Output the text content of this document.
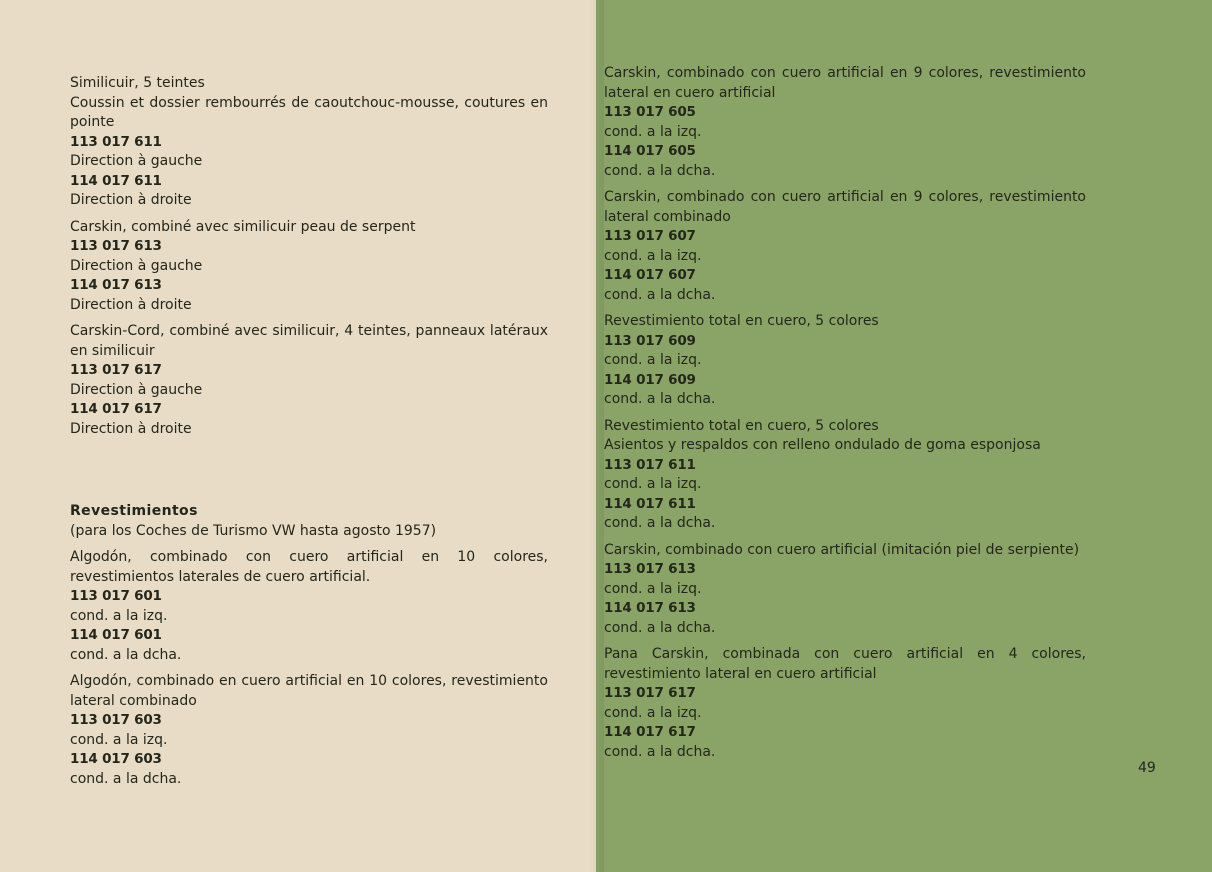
Similicuir, 5 teintes
Coussin et dossier rembourrés de caoutchouc-mousse, coutures en pointe
113 017 611
Direction à gauche
114 017 611
Direction à droite
Carskin, combiné avec similicuir peau de serpent
113 017 613
Direction à gauche
114 017 613
Direction à droite
Carskin-Cord, combiné avec similicuir, 4 teintes, panneaux latéraux en similicuir
113 017 617
Direction à gauche
114 017 617
Direction à droite
Revestimientos
(para los Coches de Turismo VW hasta agosto 1957)
Algodón, combinado con cuero artificial en 10 colores, revestimientos laterales de cuero artificial.
113 017 601
cond. a la izq.
114 017 601
cond. a la dcha.
Algodón, combinado en cuero artificial en 10 colores, revestimiento lateral combinado
113 017 603
cond. a la izq.
114 017 603
cond. a la dcha.
Carskin, combinado con cuero artificial en 9 colores, revestimiento lateral en cuero artificial
113 017 605
cond. a la izq.
114 017 605
cond. a la dcha.
Carskin, combinado con cuero artificial en 9 colores, revestimiento lateral combinado
113 017 607
cond. a la izq.
114 017 607
cond. a la dcha.
Revestimiento total en cuero, 5 colores
113 017 609
cond. a la izq.
114 017 609
cond. a la dcha.
Revestimiento total en cuero, 5 colores
Asientos y respaldos con relleno ondulado de goma esponjosa
113 017 611
cond. a la izq.
114 017 611
cond. a la dcha.
Carskin, combinado con cuero artificial (imitación piel de serpiente)
113 017 613
cond. a la izq.
114 017 613
cond. a la dcha.
Pana Carskin, combinada con cuero artificial en 4 colores, revestimiento lateral en cuero artificial
113 017 617
cond. a la izq.
114 017 617
cond. a la dcha.
49
